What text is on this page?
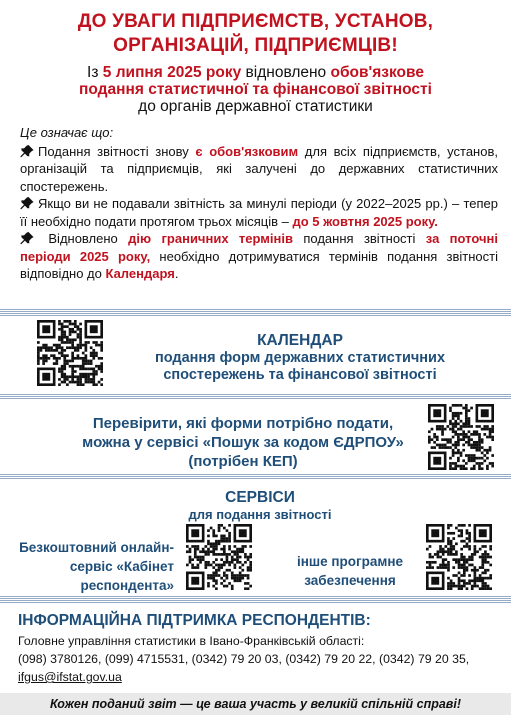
ДО УВАГИ ПІДПРИЄМСТВ, УСТАНОВ,
ОРГАНІЗАЦІЙ, ПІДПРИЄМЦІВ!
Із 5 липня 2025 року відновлено обов'язкове
подання статистичної та фінансової звітності
до органів державної статистики
Це означає що:

Подання звітності знову є обов'язковим для всіх підприємств, установ, організацій та підприємців, які залучені до державних статистичних спостережень.

Якщо ви не подавали звітність за минулі періоди (у 2022–2025 рр.) – тепер її необхідно подати протягом трьох місяців – до 5 жовтня 2025 року.

Відновлено дію граничних термінів подання звітності за поточні періоди 2025 року, необхідно дотримуватися термінів подання звітності відповідно до Календаря.

КАЛЕНДАР
подання форм державних статистичних
спостережень та фінансової звітності
Перевірити, які форми потрібно подати,
можна у сервісі «Пошук за кодом ЄДРПОУ»
(потрібен КЕП)
СЕРВІСИ
для подання звітності
Безкоштовний онлайн-
сервіс «Кабінет
респондента»
інше програмне
забезпечення
ІНФОРМАЦІЙНА ПІДТРИМКА РЕСПОНДЕНТІВ:
Головне управління статистики в Івано-Франківській області:
(098) 3780126, (099) 4715531, (0342) 79 20 03, (0342) 79 20 22, (0342) 79 20 35,
ifgus@ifstat.gov.ua
Кожен поданий звіт — це ваша участь у великій спільній справі!
